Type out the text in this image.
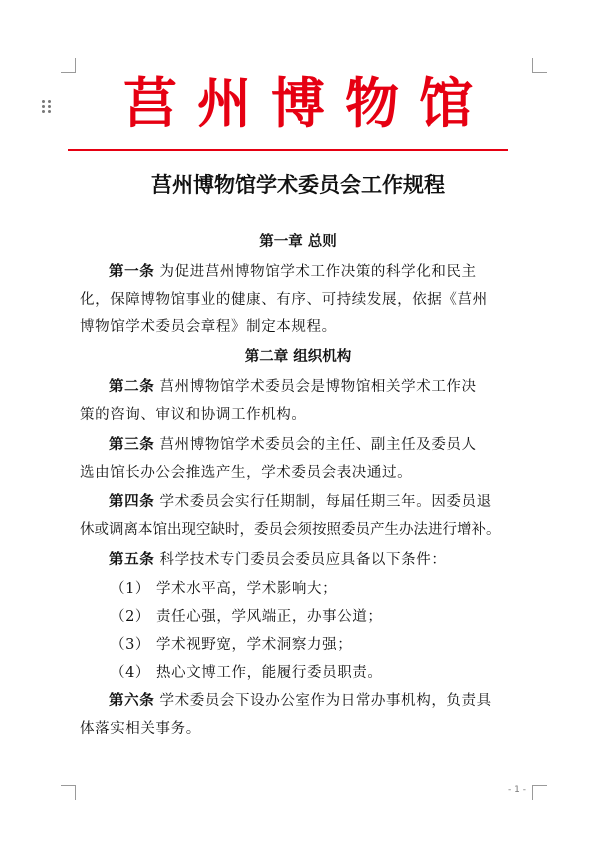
莒州博物馆
莒州博物馆学术委员会工作规程
第一章 总则
第一条 为促进莒州博物馆学术工作决策的科学化和民主
化，保障博物馆事业的健康、有序、可持续发展，依据《莒州
博物馆学术委员会章程》制定本规程。
第二章 组织机构
第二条 莒州博物馆学术委员会是博物馆相关学术工作决
策的咨询、审议和协调工作机构。
第三条 莒州博物馆学术委员会的主任、副主任及委员人
选由馆长办公会推选产生，学术委员会表决通过。
第四条 学术委员会实行任期制，每届任期三年。因委员退
休或调离本馆出现空缺时，委员会须按照委员产生办法进行增补。
第五条 科学技术专门委员会委员应具备以下条件：
（1） 学术水平高，学术影响大；
（2） 责任心强，学风端正，办事公道；
（3） 学术视野宽，学术洞察力强；
（4） 热心文博工作，能履行委员职责。
第六条 学术委员会下设办公室作为日常办事机构，负责具
体落实相关事务。
- 1 -
